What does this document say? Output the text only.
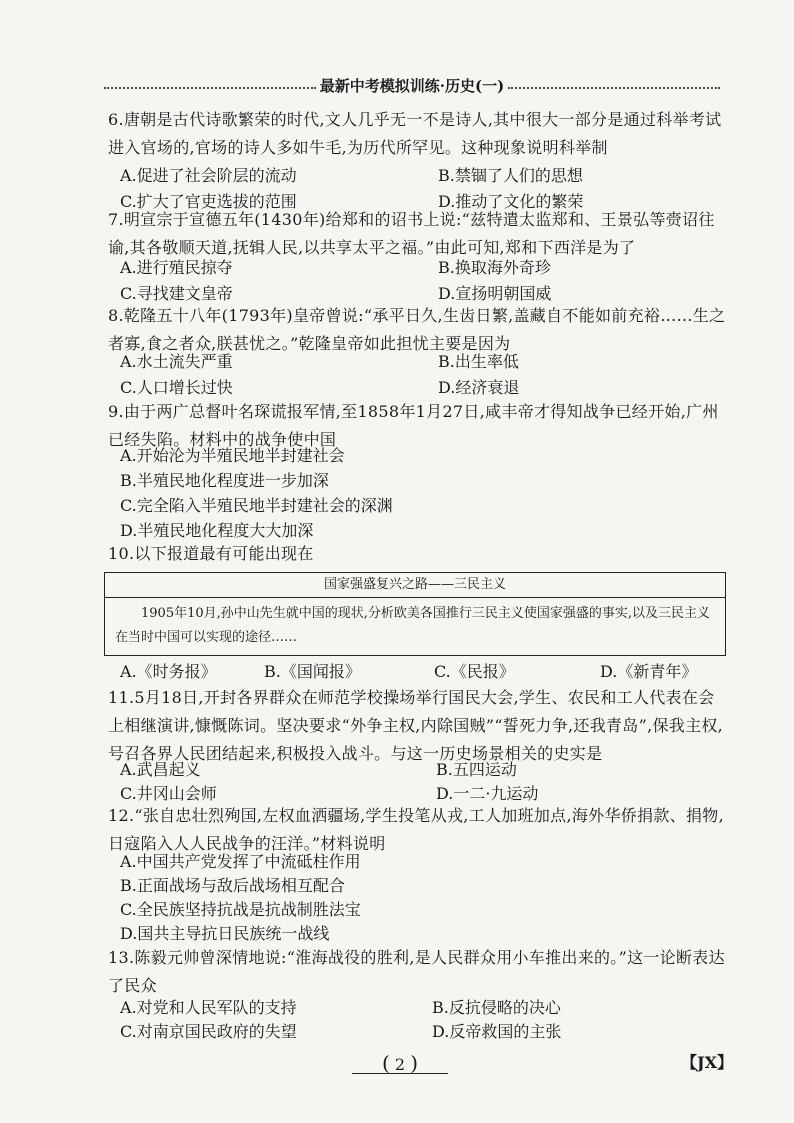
最新中考模拟训练·历史(一)
6.唐朝是古代诗歌繁荣的时代,文人几乎无一不是诗人,其中很大一部分是通过科举考试进入官场的,官场的诗人多如牛毛,为历代所罕见。这种现象说明科举制
A.促进了社会阶层的流动	B.禁锢了人们的思想
C.扩大了官吏选拔的范围	D.推动了文化的繁荣
7.明宣宗于宣德五年(1430年)给郑和的诏书上说:“兹特遣太监郑和、王景弘等赍诏往谕,其各敬顺天道,抚辑人民,以共享太平之福。”由此可知,郑和下西洋是为了
A.进行殖民掠夺	B.换取海外奇珍
C.寻找建文皇帝	D.宣扬明朝国威
8.乾隆五十八年(1793年)皇帝曾说:“承平日久,生齿日繁,盖藏自不能如前充裕……生之者寡,食之者众,朕甚忧之。”乾隆皇帝如此担忧主要是因为
A.水土流失严重	B.出生率低
C.人口增长过快	D.经济衰退
9.由于两广总督叶名琛谎报军情,至1858年1月27日,咸丰帝才得知战争已经开始,广州已经失陷。材料中的战争使中国
A.开始沦为半殖民地半封建社会
B.半殖民地化程度进一步加深
C.完全陷入半殖民地半封建社会的深渊
D.半殖民地化程度大大加深
10.以下报道最有可能出现在
国家强盛复兴之路——三民主义
1905年10月,孙中山先生就中国的现状,分析欧美各国推行三民主义使国家强盛的事实,以及三民主义在当时中国可以实现的途径……
A.《时务报》	B.《国闻报》	C.《民报》	D.《新青年》
11.5月18日,开封各界群众在师范学校操场举行国民大会,学生、农民和工人代表在会上相继演讲,慷慨陈词。坚决要求“外争主权,内除国贼”“誓死力争,还我青岛”,保我主权,号召各界人民团结起来,积极投入战斗。与这一历史场景相关的史实是
A.武昌起义	B.五四运动
C.井冈山会师	D.一二·九运动
12.“张自忠壮烈殉国,左权血洒疆场,学生投笔从戎,工人加班加点,海外华侨捐款、捐物,日寇陷入人人民战争的汪洋。”材料说明
A.中国共产党发挥了中流砥柱作用
B.正面战场与敌后战场相互配合
C.全民族坚持抗战是抗战制胜法宝
D.国共主导抗日民族统一战线
13.陈毅元帅曾深情地说:“淮海战役的胜利,是人民群众用小车推出来的。”这一论断表达了民众
A.对党和人民军队的支持	B.反抗侵略的决心
C.对南京国民政府的失望	D.反帝救国的主张
( 2 )	【JX】
